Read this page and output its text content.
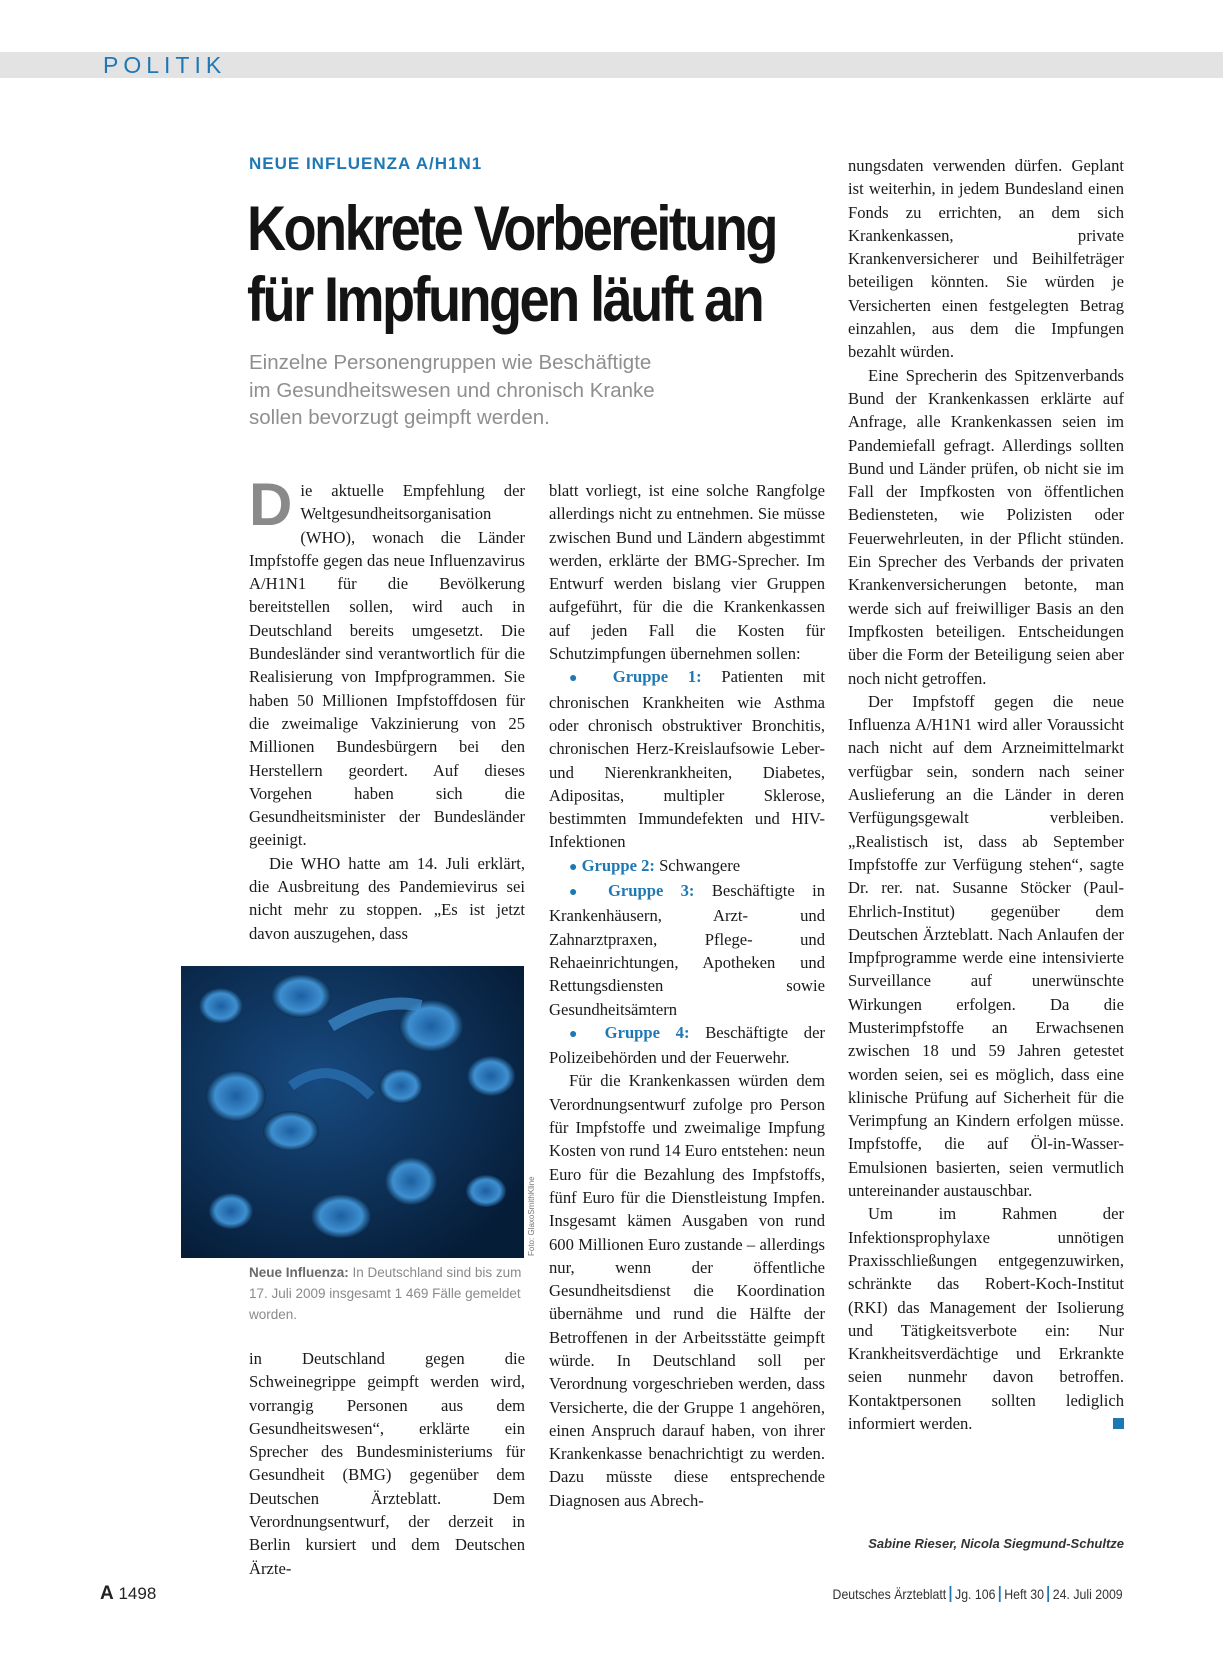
POLITIK
NEUE INFLUENZA A/H1N1
Konkrete Vorbereitung
für Impfungen läuft an
Einzelne Personengruppen wie Beschäftigte
im Gesundheitswesen und chronisch Kranke
sollen bevorzugt geimpft werden.

Die aktuelle Empfehlung der Weltgesundheitsorganisation (WHO), wonach die Länder Impfstoffe gegen das neue Influenzavirus A/H1N1 für die Bevölkerung bereitstellen sollen, wird auch in Deutschland bereits umgesetzt. Die Bundesländer sind verantwortlich für die Realisierung von Impfprogrammen. Sie haben 50 Millionen Impfstoffdosen für die zweimalige Vakzinierung von 25 Millionen Bundesbürgern bei den Herstellern geordert. Auf dieses Vorgehen haben sich die Gesundheitsminister der Bundesländer geeinigt.

Die WHO hatte am 14. Juli erklärt, die Ausbreitung des Pandemievirus sei nicht mehr zu stoppen. „Es ist jetzt davon auszugehen, dass

Foto: GlaxoSmithKline
Neue Influenza: In Deutschland sind bis zum 17. Juli 2009 insgesamt 1 469 Fälle gemeldet worden.

in Deutschland gegen die Schweinegrippe geimpft werden wird, vorrangig Personen aus dem Gesundheitswesen“, erklärte ein Sprecher des Bundesministeriums für Gesundheit (BMG) gegenüber dem Deutschen Ärzteblatt. Dem Verordnungsentwurf, der derzeit in Berlin kursiert und dem Deutschen Ärzte-

blatt vorliegt, ist eine solche Rangfolge allerdings nicht zu entnehmen. Sie müsse zwischen Bund und Ländern abgestimmt werden, erklärte der BMG-Sprecher. Im Entwurf werden bislang vier Gruppen aufgeführt, für die die Krankenkassen auf jeden Fall die Kosten für Schutzimpfungen übernehmen sollen:

● Gruppe 1: Patienten mit chronischen Krankheiten wie Asthma oder chronisch obstruktiver Bronchitis, chronischen Herz-Kreislaufsowie Leber- und Nierenkrankheiten, Diabetes, Adipositas, multipler Sklerose, bestimmten Immundefekten und HIV-Infektionen

● Gruppe 2: Schwangere

● Gruppe 3: Beschäftigte in Krankenhäusern, Arzt- und Zahnarztpraxen, Pflege- und Rehaeinrichtungen, Apotheken und Rettungsdiensten sowie Gesundheitsämtern

● Gruppe 4: Beschäftigte der Polizeibehörden und der Feuerwehr.

Für die Krankenkassen würden dem Verordnungsentwurf zufolge pro Person für Impfstoffe und zweimalige Impfung Kosten von rund 14 Euro entstehen: neun Euro für die Bezahlung des Impfstoffs, fünf Euro für die Dienstleistung Impfen. Insgesamt kämen Ausgaben von rund 600 Millionen Euro zustande – allerdings nur, wenn der öffentliche Gesundheitsdienst die Koordination übernähme und rund die Hälfte der Betroffenen in der Arbeitsstätte geimpft würde. In Deutschland soll per Verordnung vorgeschrieben werden, dass Versicherte, die der Gruppe 1 angehören, einen Anspruch darauf haben, von ihrer Krankenkasse benachrichtigt zu werden. Dazu müsste diese entsprechende Diagnosen aus Abrech-

nungsdaten verwenden dürfen. Geplant ist weiterhin, in jedem Bundesland einen Fonds zu errichten, an dem sich Krankenkassen, private Krankenversicherer und Beihilfeträger beteiligen könnten. Sie würden je Versicherten einen festgelegten Betrag einzahlen, aus dem die Impfungen bezahlt würden.

Eine Sprecherin des Spitzenverbands Bund der Krankenkassen erklärte auf Anfrage, alle Krankenkassen seien im Pandemiefall gefragt. Allerdings sollten Bund und Länder prüfen, ob nicht sie im Fall der Impfkosten von öffentlichen Bediensteten, wie Polizisten oder Feuerwehrleuten, in der Pflicht stünden. Ein Sprecher des Verbands der privaten Krankenversicherungen betonte, man werde sich auf freiwilliger Basis an den Impfkosten beteiligen. Entscheidungen über die Form der Beteiligung seien aber noch nicht getroffen.

Der Impfstoff gegen die neue Influenza A/H1N1 wird aller Voraussicht nach nicht auf dem Arzneimittelmarkt verfügbar sein, sondern nach seiner Auslieferung an die Länder in deren Verfügungsgewalt verbleiben. „Realistisch ist, dass ab September Impfstoffe zur Verfügung stehen“, sagte Dr. rer. nat. Susanne Stöcker (Paul-Ehrlich-Institut) gegenüber dem Deutschen Ärzteblatt. Nach Anlaufen der Impfprogramme werde eine intensivierte Surveillance auf unerwünschte Wirkungen erfolgen. Da die Musterimpfstoffe an Erwachsenen zwischen 18 und 59 Jahren getestet worden seien, sei es möglich, dass eine klinische Prüfung auf Sicherheit für die Verimpfung an Kindern erfolgen müsse. Impfstoffe, die auf Öl-in-Wasser-Emulsionen basierten, seien vermutlich untereinander austauschbar.

Um im Rahmen der Infektionsprophylaxe unnötigen Praxisschließungen entgegenzuwirken, schränkte das Robert-Koch-Institut (RKI) das Management der Isolierung und Tätigkeitsverbote ein: Nur Krankheitsverdächtige und Erkrankte seien nunmehr davon betroffen. Kontaktpersonen sollten lediglich informiert werden.

Sabine Rieser, Nicola Siegmund-Schultze
A 1498	Deutsches Ärzteblatt Jg. 106 Heft 30 24. Juli 2009
